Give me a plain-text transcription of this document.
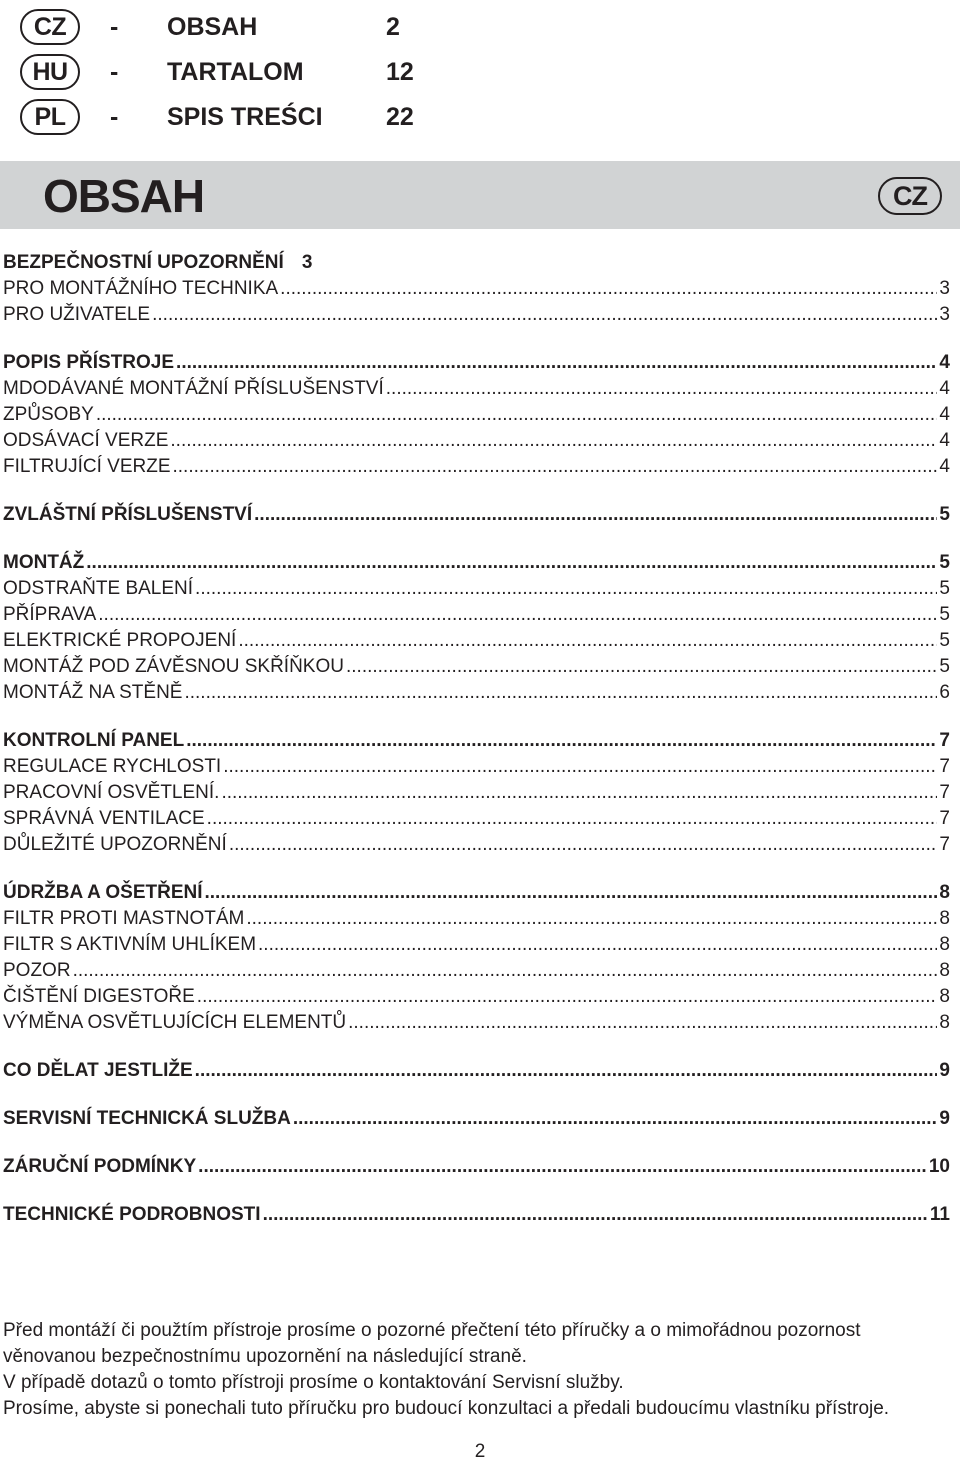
CZ	- OBSAH	2
HU	- TARTALOM	12
PL	- SPIS TREŚCI	22
OBSAH	CZ
BEZPEČNOSTNÍ UPOZORNĚNÍ 3
PRO MONTÁŽNÍHO TECHNIKA .....	3
PRO UŽIVATELE .....	3
POPIS PŘÍSTROJE .....	4
MDODÁVANÉ MONTÁŽNÍ PŘÍSLUŠENSTVÍ .....	4
ZPŮSOBY .....	4
ODSÁVACÍ VERZE .....	4
FILTRUJÍCÍ VERZE .....	4
ZVLÁŠTNÍ PŘÍSLUŠENSTVÍ .....	5
MONTÁŽ .....	5
ODSTRAŇTE BALENÍ .....	5
PŘÍPRAVA .....	5
ELEKTRICKÉ PROPOJENÍ .....	5
MONTÁŽ POD ZÁVĚSNOU SKŘÍŇKOU .....	5
MONTÁŽ NA STĚNĚ .....	6
KONTROLNÍ PANEL .....	7
REGULACE RYCHLOSTI .....	7
PRACOVNÍ OSVĚTLENÍ. .....	7
SPRÁVNÁ VENTILACE .....	7
DŮLEŽITÉ UPOZORNĚNÍ .....	7
ÚDRŽBA A OŠETŘENÍ .....	8
FILTR PROTI MASTNOTÁM .....	8
FILTR S AKTIVNÍM UHLÍKEM .....	8
POZOR .....	8
ČIŠTĚNÍ DIGESTOŘE .....	8
VÝMĚNA OSVĚTLUJÍCÍCH ELEMENTŮ .....	8
CO DĚLAT JESTLIŽE .....	9
SERVISNÍ TECHNICKÁ SLUŽBA .....	9
ZÁRUČNÍ PODMÍNKY .....	10
TECHNICKÉ PODROBNOSTI .....	11

Před montáží či použtím přístroje prosíme o pozorné přečtení této příručky a o mimořádnou pozornost věnovanou bezpečnostnímu upozornění na následující straně.

V případě dotazů o tomto přístroji prosíme o kontaktování Servisní služby.

Prosíme, abyste si ponechali tuto příručku pro budoucí konzultaci a předali budoucímu vlastníku přístroje.

2
